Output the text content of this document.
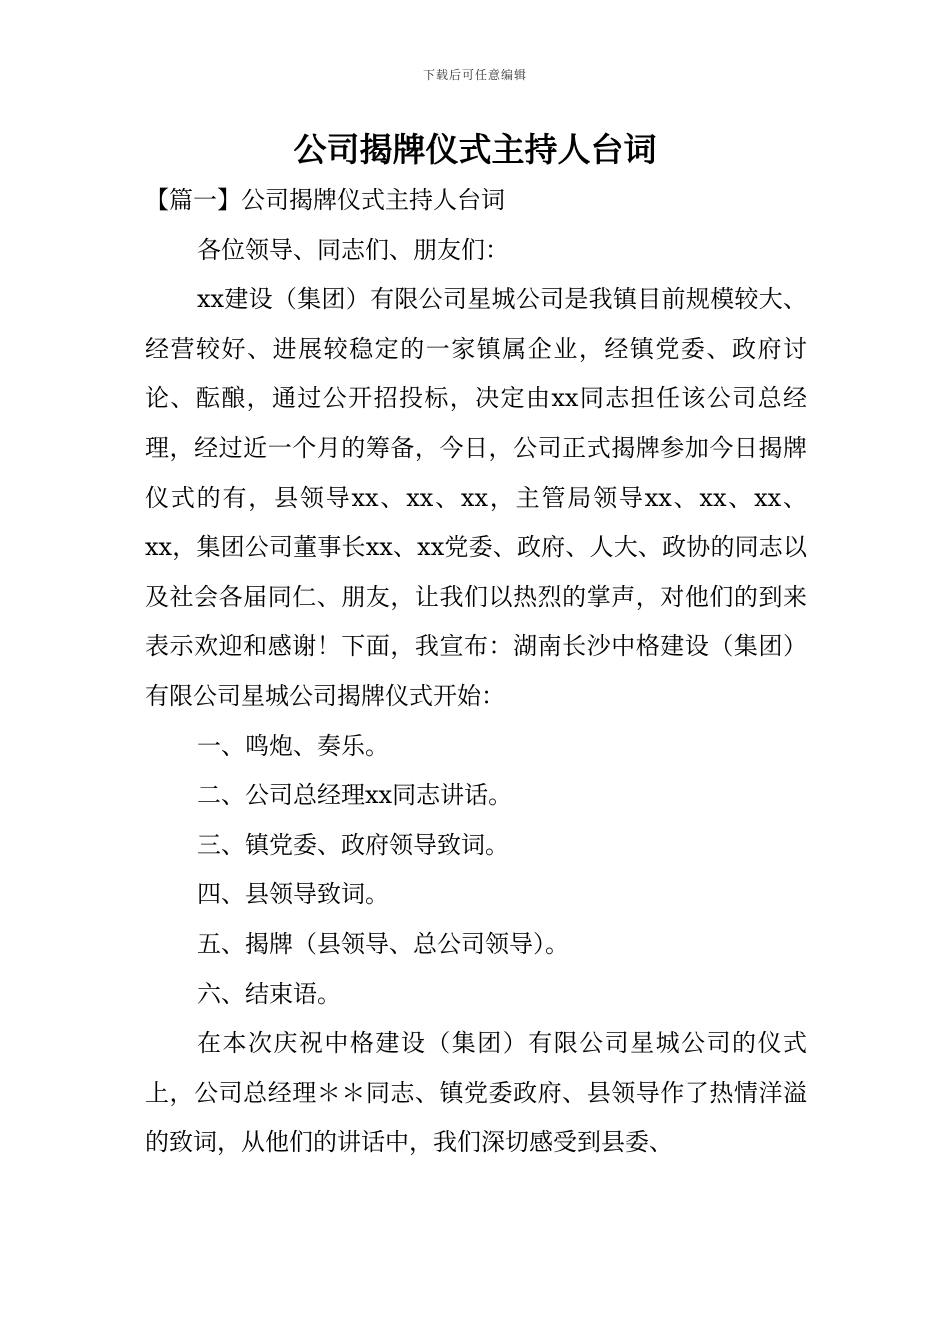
下载后可任意编辑
公司揭牌仪式主持人台词

【篇一】公司揭牌仪式主持人台词

各位领导、同志们、朋友们：

xx建设（集团）有限公司星城公司是我镇目前规模较大、经营较好、进展较稳定的一家镇属企业，经镇党委、政府讨论、酝酿，通过公开招投标，决定由xx同志担任该公司总经理，经过近一个月的筹备，今日，公司正式揭牌参加今日揭牌仪式的有，县领导xx、xx、xx，主管局领导xx、xx、xx、xx，集团公司董事长xx、xx党委、政府、人大、政协的同志以及社会各届同仁、朋友，让我们以热烈的掌声，对他们的到来表示欢迎和感谢！下面，我宣布：湖南长沙中格建设（集团）有限公司星城公司揭牌仪式开始：

一、鸣炮、奏乐。

二、公司总经理xx同志讲话。

三、镇党委、政府领导致词。

四、县领导致词。

五、揭牌（县领导、总公司领导）。

六、结束语。

在本次庆祝中格建设（集团）有限公司星城公司的仪式上，公司总经理＊＊同志、镇党委政府、县领导作了热情洋溢的致词，从他们的讲话中，我们深切感受到县委、
